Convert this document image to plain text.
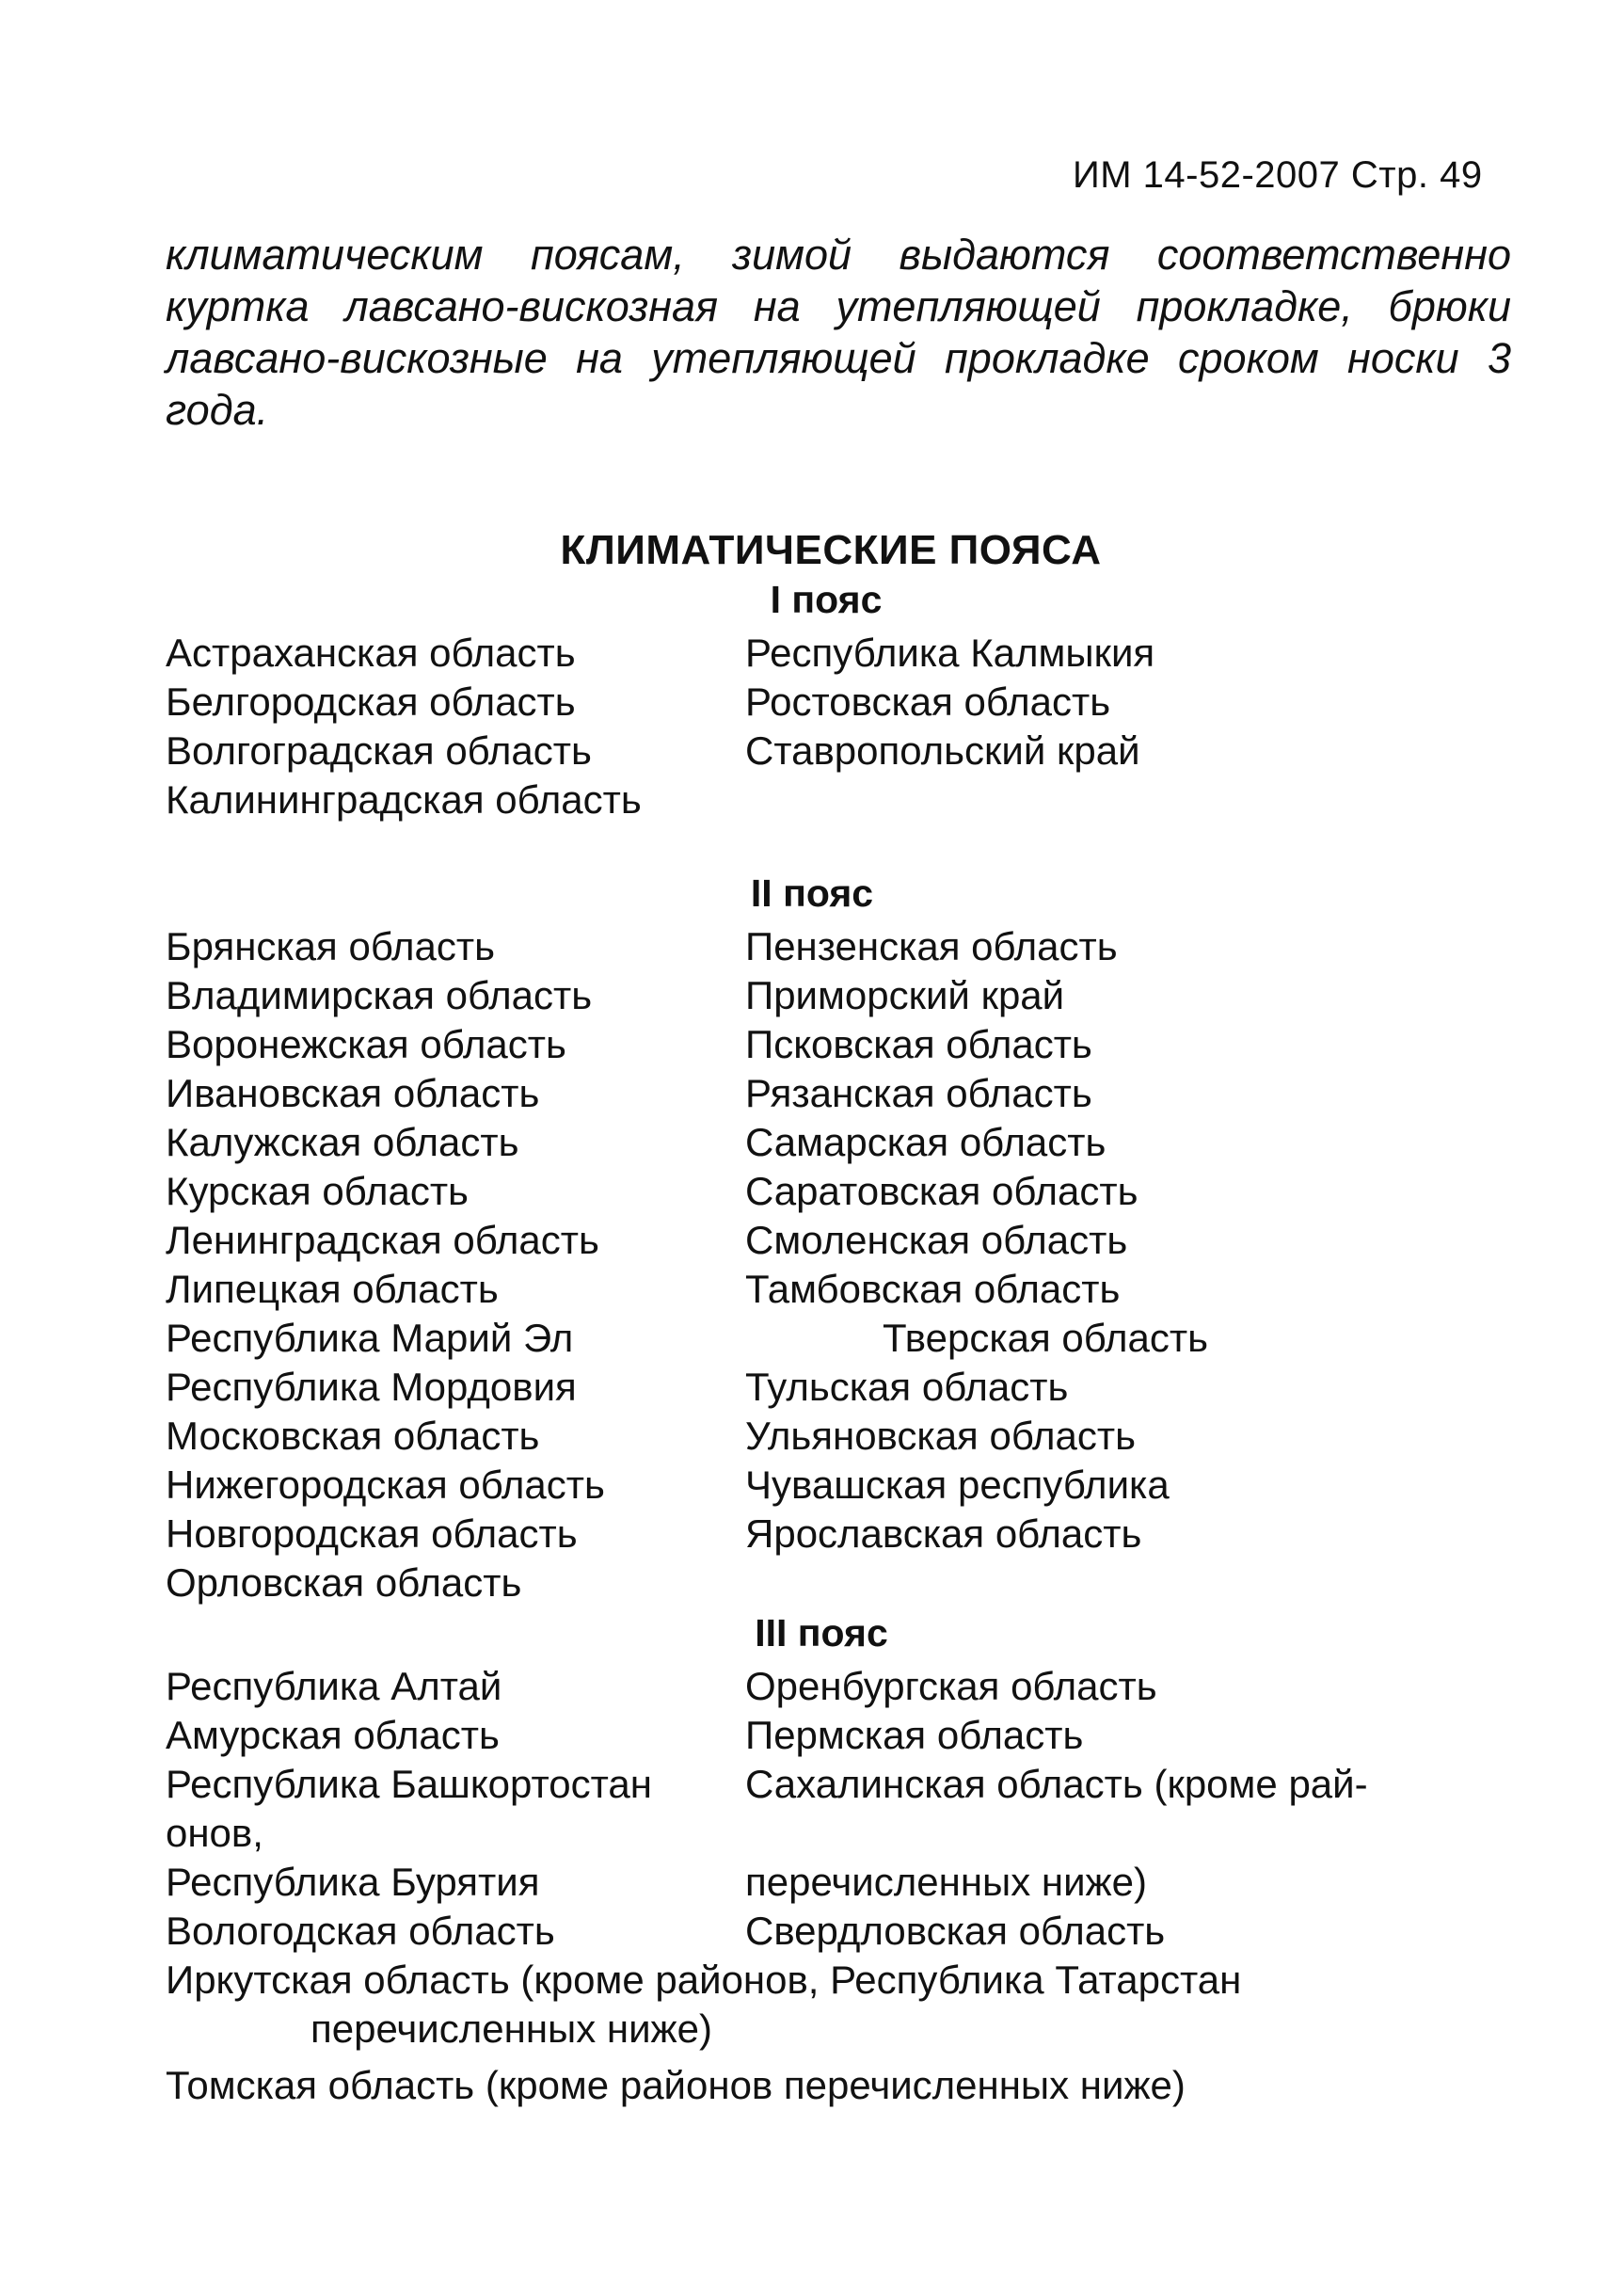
ИМ 14-52-2007 Стр. 49
климатическим поясам, зимой выдаются соответственно
куртка лавсано-вискозная на утепляющей прокладке, брюки
лавсано-вискозные на утепляющей прокладке сроком носки 3
года.
КЛИМАТИЧЕСКИЕ ПОЯСА
I пояс
Астраханская область
Белгородская область
Волгоградская область
Калининградская область
Республика Калмыкия
Ростовская область
Ставропольский край
II пояс
Брянская область
Владимирская область
Воронежская область
Ивановская область
Калужская область
Курская область
Ленинградская область
Липецкая область
Республика Марий Эл
Республика Мордовия
Московская область
Нижегородская область
Новгородская область
Орловская область
Пензенская область
Приморский край
Псковская область
Рязанская область
Самарская область
Саратовская область
Смоленская область
Тамбовская область
Тверская область
Тульская область
Ульяновская область
Чувашская республика
Ярославская область
III пояс
Республика Алтай
Амурская область
Республика Башкортостан
онов,
Республика Бурятия
Вологодская область
Оренбургская область
Пермская область
Сахалинская область (кроме рай-
перечисленных ниже)
Свердловская область
Иркутская область (кроме районов, Республика Татарстан
перечисленных ниже)
Томская область (кроме районов перечисленных ниже)
